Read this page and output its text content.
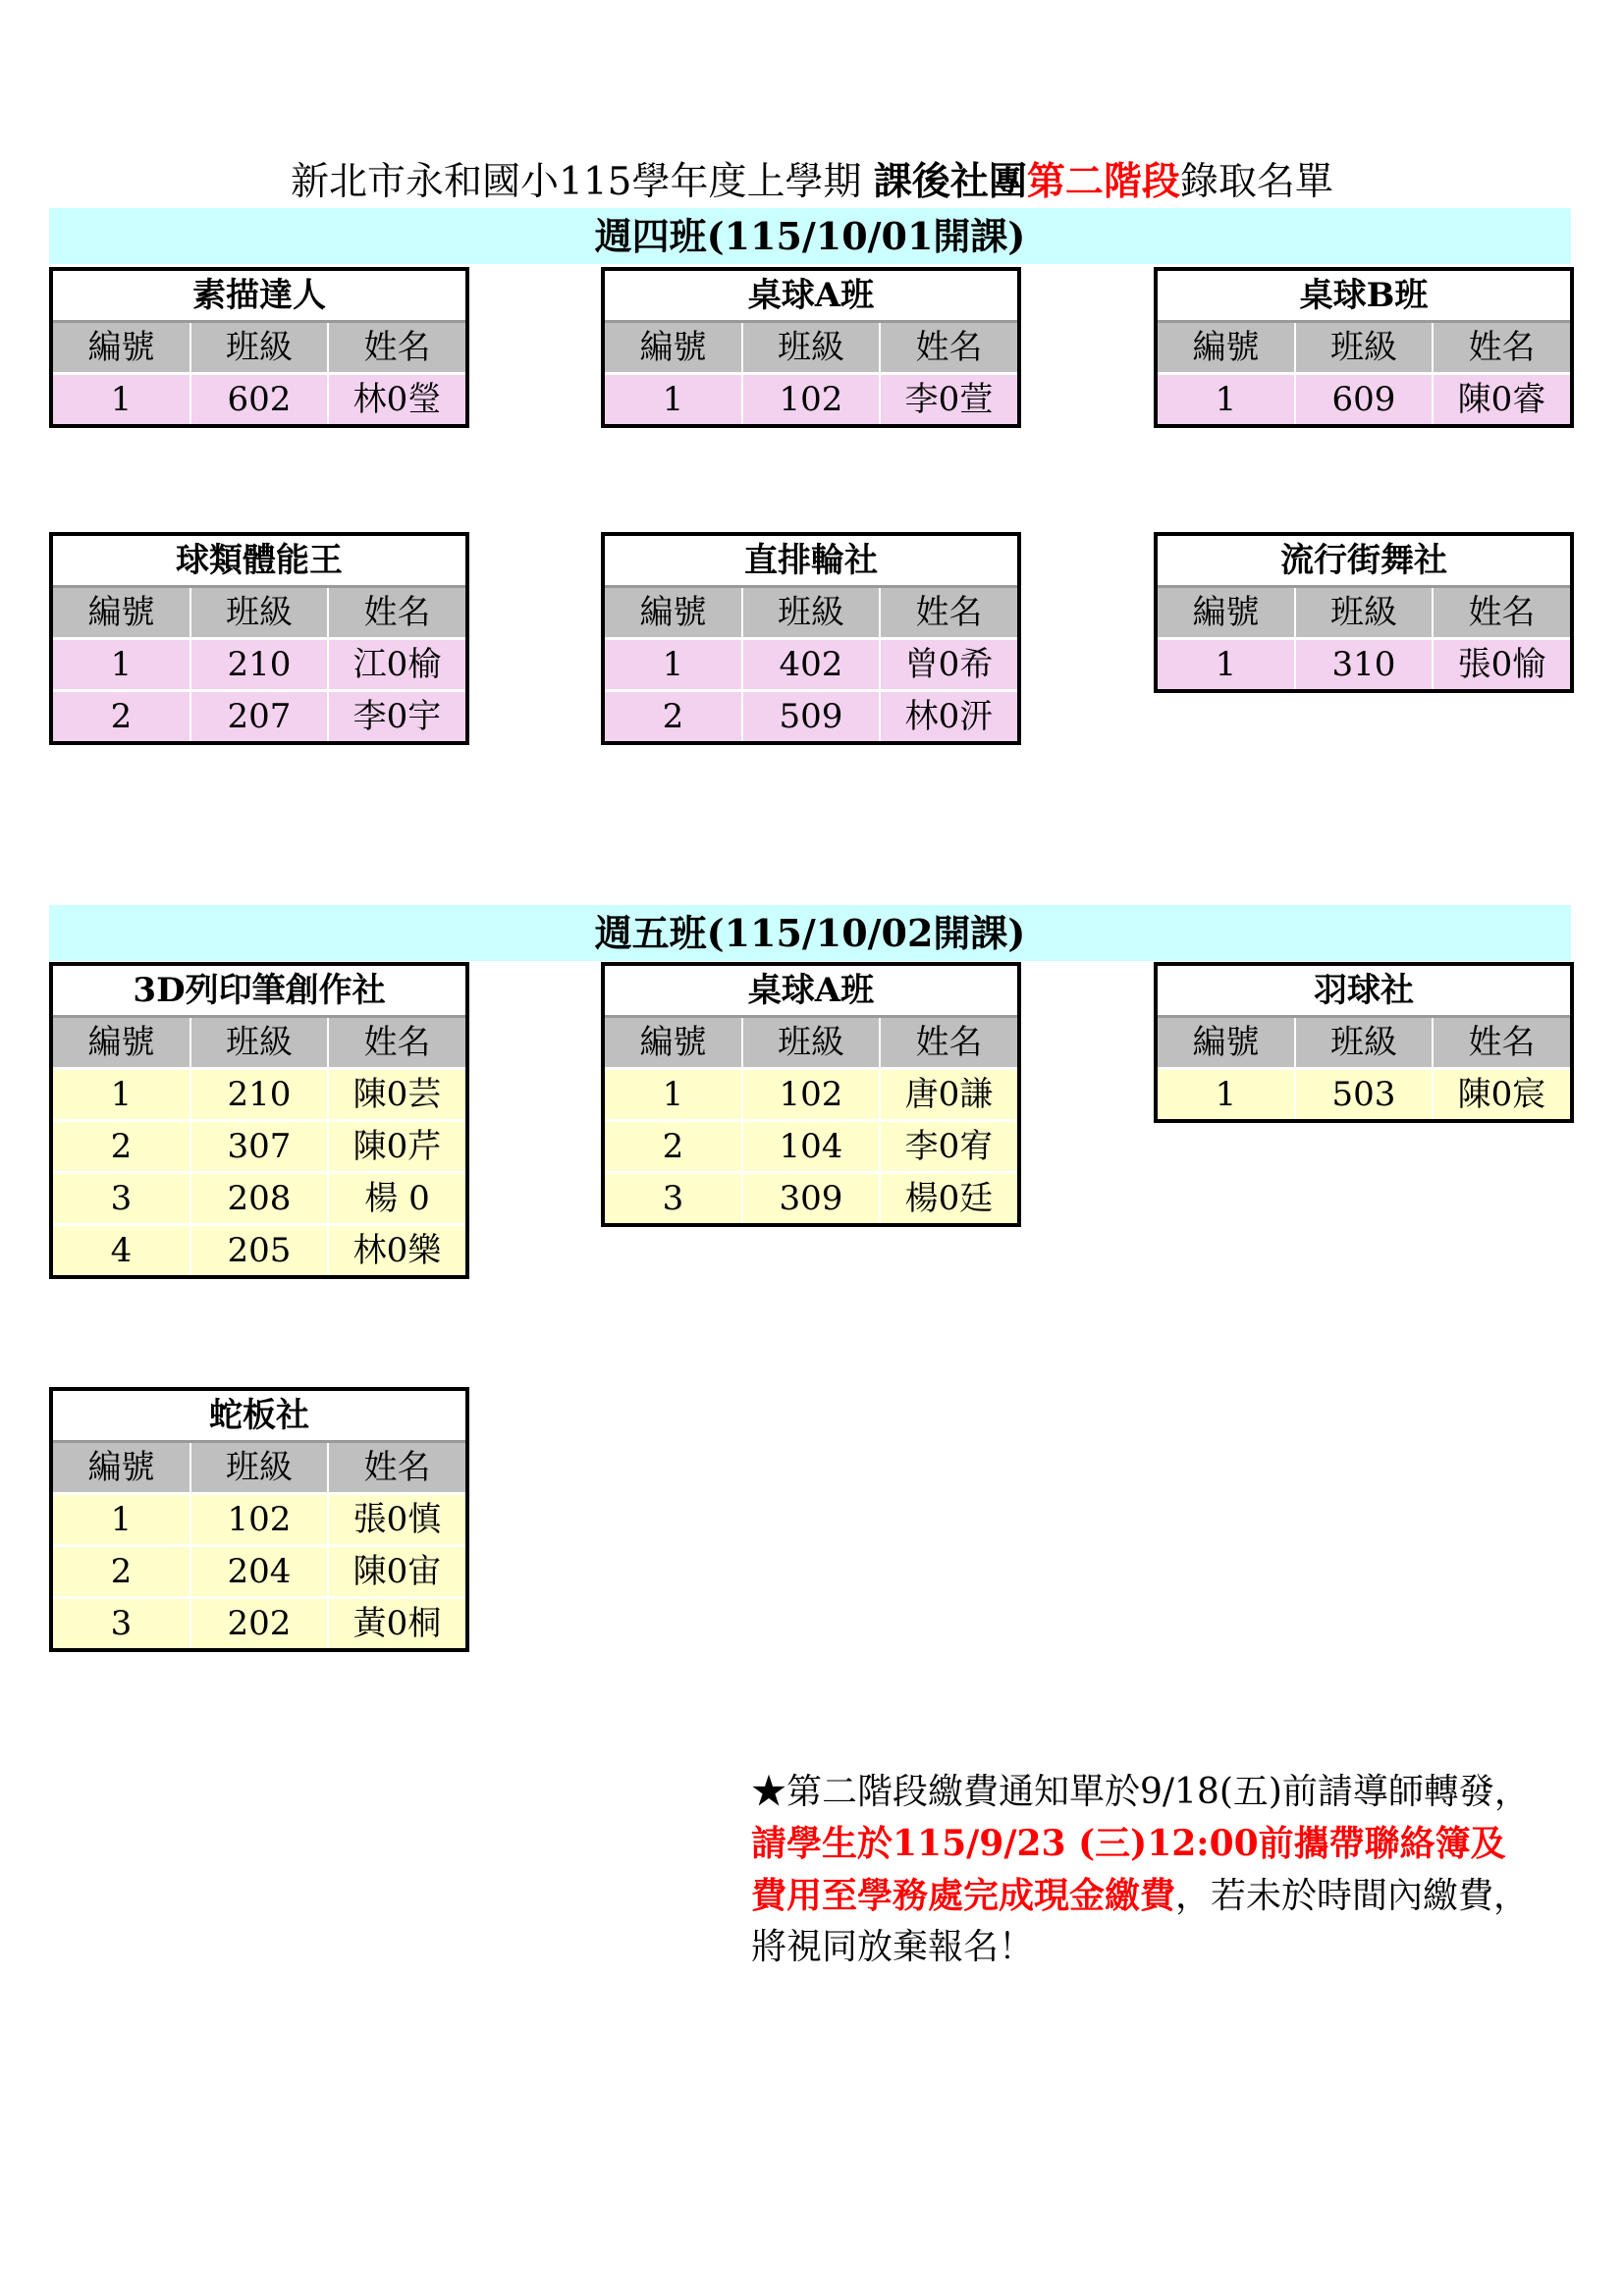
新北市永和國小115學年度上學期 課後社團第二階段錄取名單
週四班(115/10/01開課)
週五班(115/10/02開課)
素描達人		
編號	班級	姓名
1	602	林0瑩
桌球A班		
編號	班級	姓名
1	102	李0萱
桌球B班		
編號	班級	姓名
1	609	陳0睿
球類體能王		
編號	班級	姓名
1	210	江0榆
2	207	李0宇
直排輪社		
編號	班級	姓名
1	402	曾0希
2	509	林0汧
流行街舞社		
編號	班級	姓名
1	310	張0愉
3D列印筆創作社		
編號	班級	姓名
1	210	陳0芸
2	307	陳0芹
3	208	楊 0
4	205	林0樂
桌球A班		
編號	班級	姓名
1	102	唐0謙
2	104	李0宥
3	309	楊0廷
羽球社		
編號	班級	姓名
1	503	陳0宸
蛇板社		
編號	班級	姓名
1	102	張0慎
2	204	陳0宙
3	202	黃0桐
★第二階段繳費通知單於9/18(五)前請導師轉發，請學生於115/9/23 (三)12:00前攜帶聯絡簿及費用至學務處完成現金繳費，若未於時間內繳費，將視同放棄報名！
